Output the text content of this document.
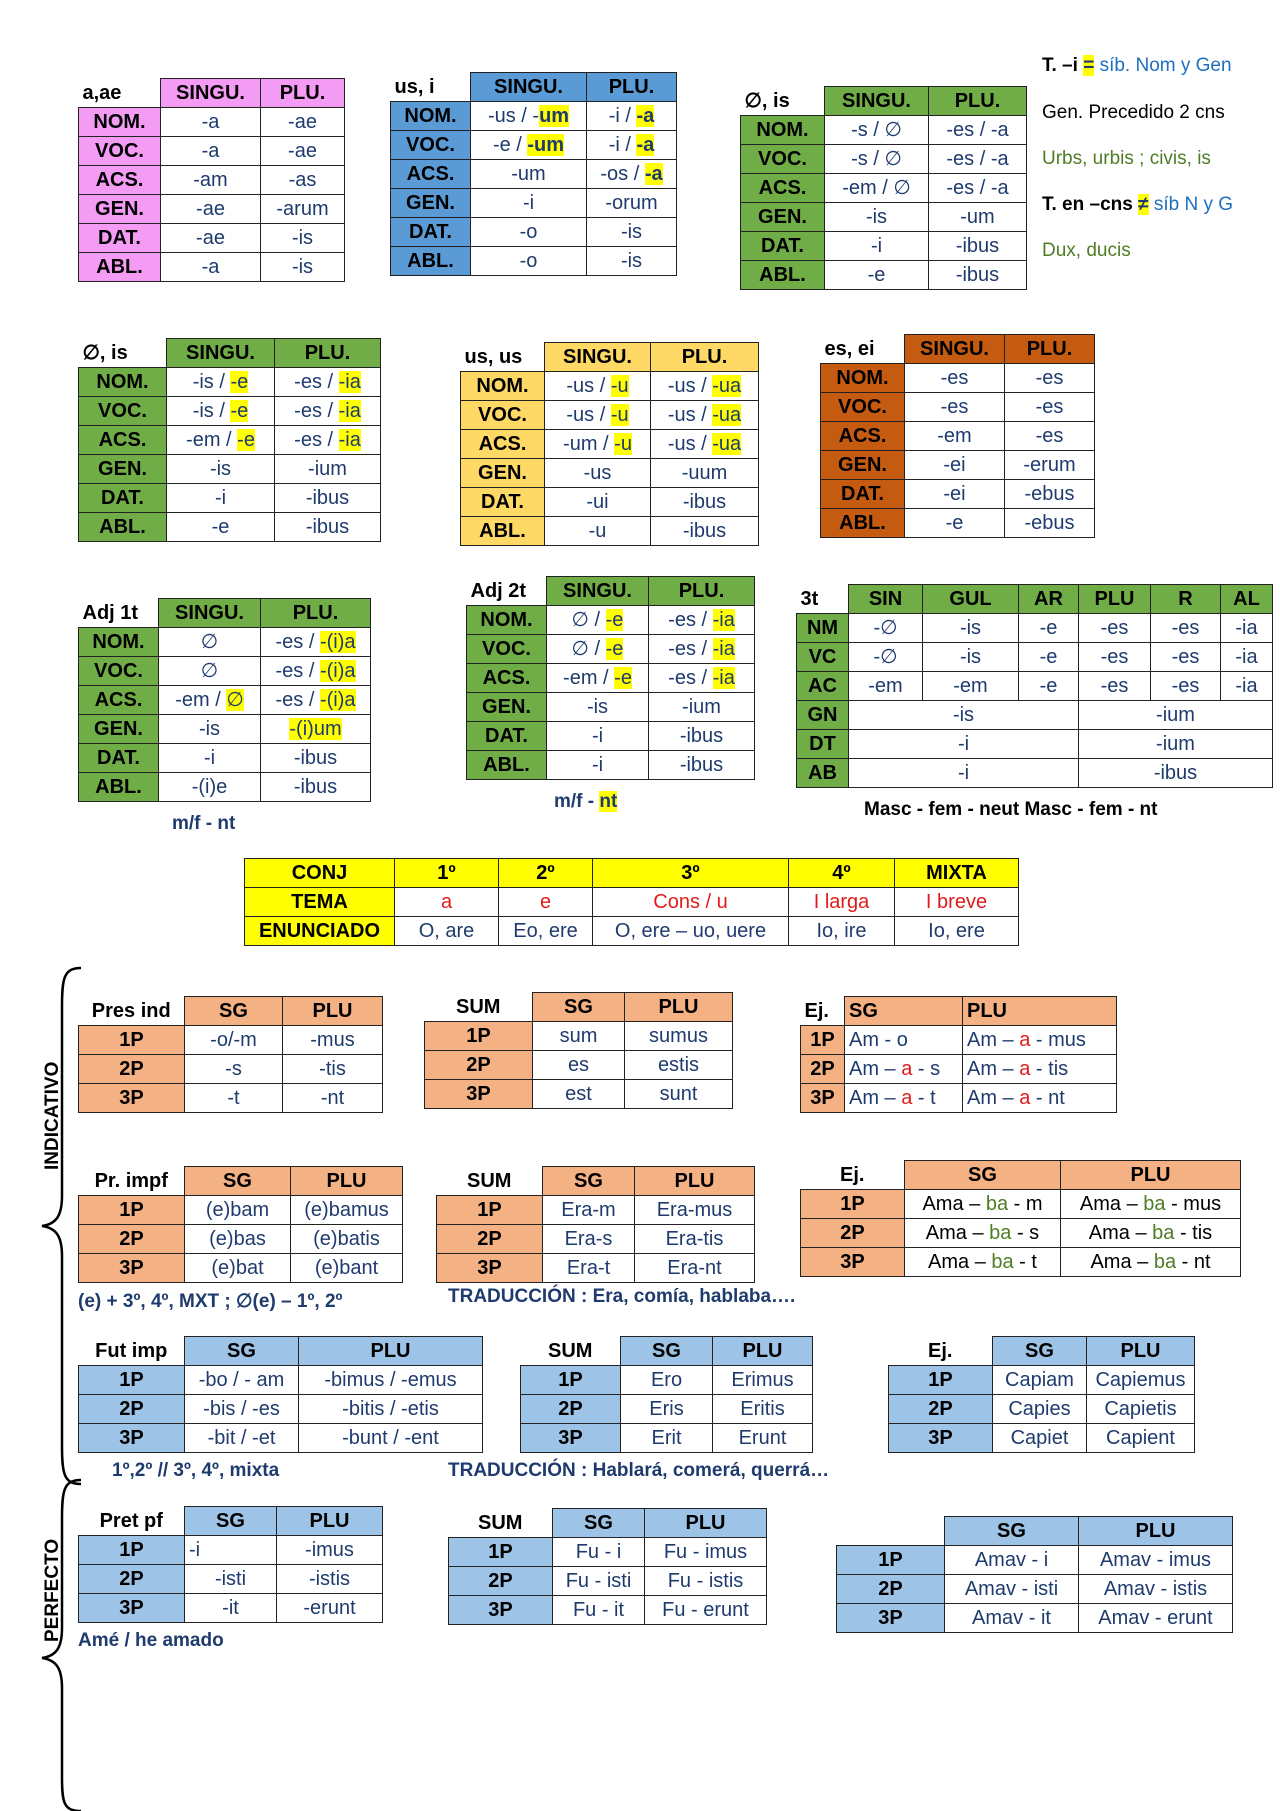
T. –i = síb. Nom y Gen
Gen. Precedido 2 cns
Urbs, urbis ; civis, is
T. en –cns ≠ síb N y G
Dux, ducis
a,ae	SINGU.	PLU.
NOM.	-a	-ae
VOC.	-a	-ae
ACS.	-am	-as
GEN.	-ae	-arum
DAT.	-ae	-is
ABL.	-a	-is
us, i	SINGU.	PLU.
NOM.	-us / -um	-i / -a
VOC.	-e / -um	-i / -a
ACS.	-um	-os / -a
GEN.	-i	-orum
DAT.	-o	-is
ABL.	-o	-is
∅, is	SINGU.	PLU.
NOM.	-s / ∅	-es / -a
VOC.	-s / ∅	-es / -a
ACS.	-em / ∅	-es / -a
GEN.	-is	-um
DAT.	-i	-ibus
ABL.	-e	-ibus
∅, is	SINGU.	PLU.
NOM.	-is / -e	-es / -ia
VOC.	-is / -e	-es / -ia
ACS.	-em / -e	-es / -ia
GEN.	-is	-ium
DAT.	-i	-ibus
ABL.	-e	-ibus
us, us	SINGU.	PLU.
NOM.	-us / -u	-us / -ua
VOC.	-us / -u	-us / -ua
ACS.	-um / -u	-us / -ua
GEN.	-us	-uum
DAT.	-ui	-ibus
ABL.	-u	-ibus
es, ei	SINGU.	PLU.
NOM.	-es	-es
VOC.	-es	-es
ACS.	-em	-es
GEN.	-ei	-erum
DAT.	-ei	-ebus
ABL.	-e	-ebus
Adj 1t	SINGU.	PLU.
NOM.	∅	-es / -(i)a
VOC.	∅	-es / -(i)a
ACS.	-em / ∅	-es / -(i)a
GEN.	-is	-(i)um
DAT.	-i	-ibus
ABL.	-(i)e	-ibus
m/f - nt
Adj 2t	SINGU.	PLU.
NOM.	∅ / -e	-es / -ia
VOC.	∅ / -e	-es / -ia
ACS.	-em / -e	-es / -ia
GEN.	-is	-ium
DAT.	-i	-ibus
ABL.	-i	-ibus
m/f - nt
3t	SIN	GUL	AR	PLU	R	AL
NM	-∅	-is	-e	-es	-es	-ia
VC	-∅	-is	-e	-es	-es	-ia
AC	-em	-em	-e	-es	-es	-ia
GN	-is			-ium		
DT	-i			-ium		
AB	-i			-ibus		
Masc - fem - neut Masc - fem - nt
CONJ	1º	2º	3º	4º	MIXTA
TEMA	a	e	Cons / u	I larga	I breve
ENUNCIADO	O, are	Eo, ere	O, ere – uo, uere	Io, ire	Io, ere
INDICATIVO
PERFECTO
Pres ind	SG	PLU
1P	-o/-m	-mus
2P	-s	-tis
3P	-t	-nt
SUM	SG	PLU
1P	sum	sumus
2P	es	estis
3P	est	sunt
Ej.	SG	PLU
1P	Am - o	Am – a - mus
2P	Am – a - s	Am – a - tis
3P	Am – a - t	Am – a - nt
Pr. impf	SG	PLU
1P	(e)bam	(e)bamus
2P	(e)bas	(e)batis
3P	(e)bat	(e)bant
(e) + 3º, 4º, MXT ; ∅(e) – 1º, 2º
SUM	SG	PLU
1P	Era-m	Era-mus
2P	Era-s	Era-tis
3P	Era-t	Era-nt
TRADUCCIÓN : Era, comía, hablaba….
Ej.	SG	PLU
1P	Ama – ba - m	Ama – ba - mus
2P	Ama – ba - s	Ama – ba - tis
3P	Ama – ba - t	Ama – ba - nt
Fut imp	SG	PLU
1P	-bo / - am	-bimus / -emus
2P	-bis / -es	-bitis / -etis
3P	-bit / -et	-bunt / -ent
1º,2º // 3º, 4º, mixta
SUM	SG	PLU
1P	Ero	Erimus
2P	Eris	Eritis
3P	Erit	Erunt
TRADUCCIÓN : Hablará, comerá, querrá…
Ej.	SG	PLU
1P	Capiam	Capiemus
2P	Capies	Capietis
3P	Capiet	Capient
Pret pf	SG	PLU
1P	-i	-imus
2P	-isti	-istis
3P	-it	-erunt
Amé / he amado
SUM	SG	PLU
1P	Fu - i	Fu - imus
2P	Fu - isti	Fu - istis
3P	Fu - it	Fu - erunt
	SG	PLU
1P	Amav - i	Amav - imus
2P	Amav - isti	Amav - istis
3P	Amav - it	Amav - erunt
